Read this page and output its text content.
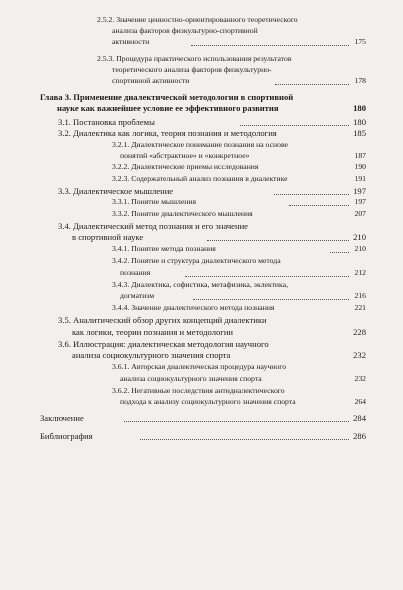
2.5.2. Значение ценностно-ориентированного теоретического
анализа факторов физкультурно-спортивной
активности	175
2.5.3. Процедура практического использования результатов
теоретического анализа факторов физкультурно-
спортивной активности	178
Глава 3. Применение диалектической методологии в спортивной
науке как важнейшее условие ее эффективного развития	180
3.1. Постановка проблемы	180
3.2. Диалектика как логика, теория познания и методология	185
3.2.1. Диалектическое понимание познания на основе
понятий «абстрактное» и «конкретное»	187
3.2.2. Диалектические приемы исследования	190
3.2.3. Содержательный анализ познания в диалектике	191
3.3. Диалектическое мышление	197
3.3.1. Понятие мышления	197
3.3.2. Понятие диалектического мышления	207
3.4. Диалектический метод познания и его значение
в спортивной науке	210
3.4.1. Понятие метода познания	210
3.4.2. Понятие и структура диалектического метода
познания	212
3.4.3. Диалектика, софистика, метафизика, эклектика,
догматизм	216
3.4.4. Значение диалектического метода познания	221
3.5. Аналитический обзор других концепций диалектики
как логики, теории познания и методологии	228
3.6. Иллюстрация: диалектическая методология научного
анализа социокультурного значения спорта	232
3.6.1. Авторская диалектическая процедура научного
анализа социокультурного значения спорта	232
3.6.2. Негативные последствия антидиалектического
подхода к анализу социокультурного значения спорта	264
Заключение	284
Библиография	286
